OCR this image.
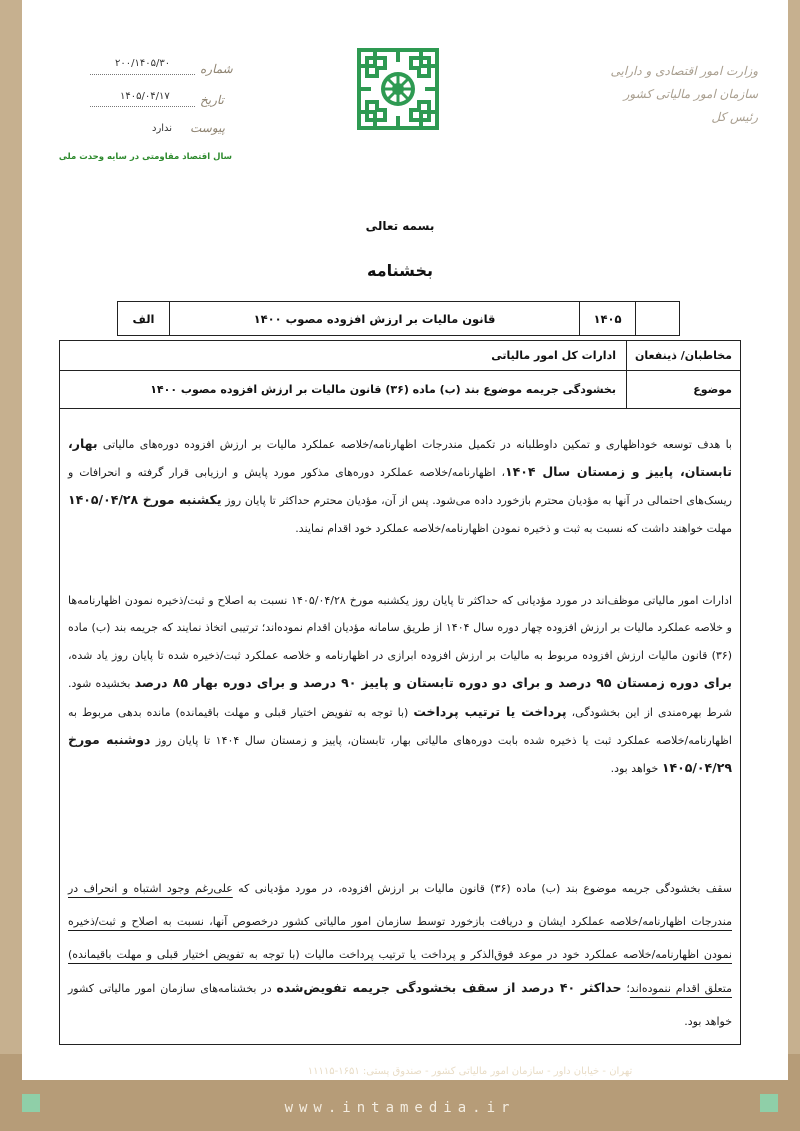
تهران - خیابان داور - سازمان امور مالیاتی کشور - صندوق پستی: ۱۶۵۱-۱۱۱۱۵
www.intamedia.ir
وزارت امور اقتصادی و دارایی
سازمان امور مالیاتی کشور
رئیس کل
شماره
۲۰۰/۱۴۰۵/۳۰
تاریخ
۱۴۰۵/۰۴/۱۷
پیوست
ندارد
سال اقتصاد مقاومتی در سایه وحدت ملی
بسمه تعالی
بخشنامه
۱۴۰۵
قانون مالیات بر ارزش افزوده مصوب ۱۴۰۰
الف
مخاطبان/ ذینفعان
ادارات کل امور مالیاتی
موضوع
بخشودگی جریمه موضوع بند (ب) ماده (۳۶) قانون مالیات بر ارزش افزوده مصوب ۱۴۰۰

با هدف توسعه خوداظهاری و تمکین داوطلبانه در تکمیل مندرجات اظهارنامه/خلاصه عملکرد مالیات بر ارزش افزوده دوره‌های مالیاتی بهار، تابستان، پاییز و زمستان سال ۱۴۰۴، اظهارنامه/خلاصه عملکرد دوره‌های مذکور مورد پایش و ارزیابی قرار گرفته و انحرافات و ریسک‌های احتمالی در آنها به مؤدیان محترم بازخورد داده می‌شود. پس از آن، مؤدیان محترم حداکثر تا پایان روز یکشنبه مورخ ۱۴۰۵/۰۴/۲۸ مهلت خواهند داشت که نسبت به ثبت و ذخیره نمودن اظهارنامه/خلاصه عملکرد خود اقدام نمایند.

ادارات امور مالیاتی موظف‌اند در مورد مؤدیانی که حداکثر تا پایان روز یکشنبه مورخ ۱۴۰۵/۰۴/۲۸ نسبت به اصلاح و ثبت/ذخیره نمودن اظهارنامه‌ها و خلاصه عملکرد مالیات بر ارزش افزوده چهار دوره سال ۱۴۰۴ از طریق سامانه مؤدیان اقدام نموده‌اند؛ ترتیبی اتخاذ نمایند که جریمه بند (ب) ماده (۳۶) قانون مالیات ارزش افزوده مربوط به مالیات بر ارزش افزوده ابرازی در اظهارنامه و خلاصه عملکرد ثبت/ذخیره شده تا پایان روز یاد شده، برای دوره زمستان ۹۵ درصد و برای دو دوره تابستان و پاییز ۹۰ درصد و برای دوره بهار ۸۵ درصد بخشیده شود. شرط بهره‌مندی از این بخشودگی، پرداخت یا ترتیب پرداخت (با توجه به تفویض اختیار قبلی و مهلت باقیمانده) مانده بدهی مربوط به اظهارنامه/خلاصه عملکرد ثبت یا ذخیره شده بابت دوره‌های مالیاتی بهار، تابستان، پاییز و زمستان سال ۱۴۰۴ تا پایان روز دوشنبه مورخ ۱۴۰۵/۰۴/۲۹ خواهد بود.

سقف بخشودگی جریمه موضوع بند (ب) ماده (۳۶) قانون مالیات بر ارزش افزوده، در مورد مؤدیانی که علی‌رغم وجود اشتباه و انحراف در مندرجات اظهارنامه/خلاصه عملکرد ایشان و دریافت بازخورد توسط سازمان امور مالیاتی کشور درخصوص آنها، نسبت به اصلاح و ثبت/ذخیره نمودن اظهارنامه/خلاصه عملکرد خود در موعد فوق‌الذکر و پرداخت یا ترتیب پرداخت مالیات (با توجه به تفویض اختیار قبلی و مهلت باقیمانده) متعلق اقدام ننموده‌اند؛ حداکثر ۴۰ درصد از سقف بخشودگی جریمه تفویض‌شده در بخشنامه‌های سازمان امور مالیاتی کشور خواهد بود.
